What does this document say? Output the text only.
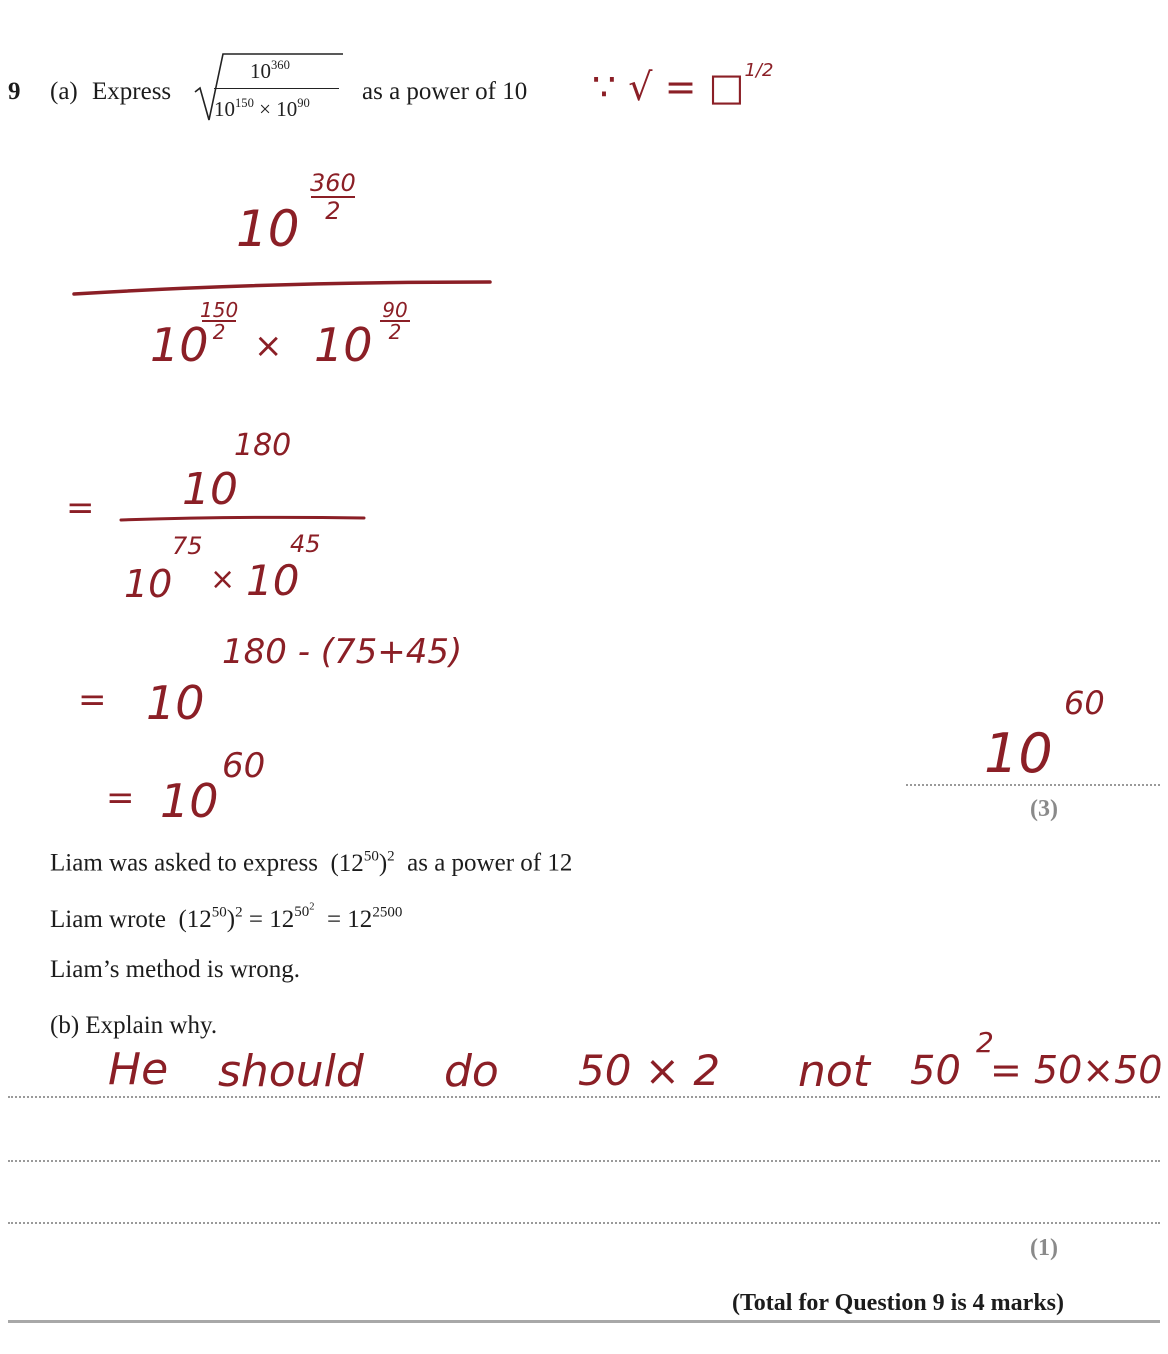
9 (a) Express
$10^{360}$
$10^{150} \times 10^{90}$ as a power of 10 ∵ √ = □$^{1/2}$
10
360
2
10
150
2 × 10
90
2
= 10
180
10
75
× 10
45
= 10
180 - (75+45)
= 10
60	10
60
(3)
Liam was asked to express $(12^{50})^2$ as a power of 12
Liam wrote $(12^{50})^2 = 12^{50^2} = 12^{2500}$
Liam’s method is wrong.
(b) Explain why.
He should do 50 × 2 not 50
2
= 50×50
(1)
(Total for Question 9 is 4 marks)
